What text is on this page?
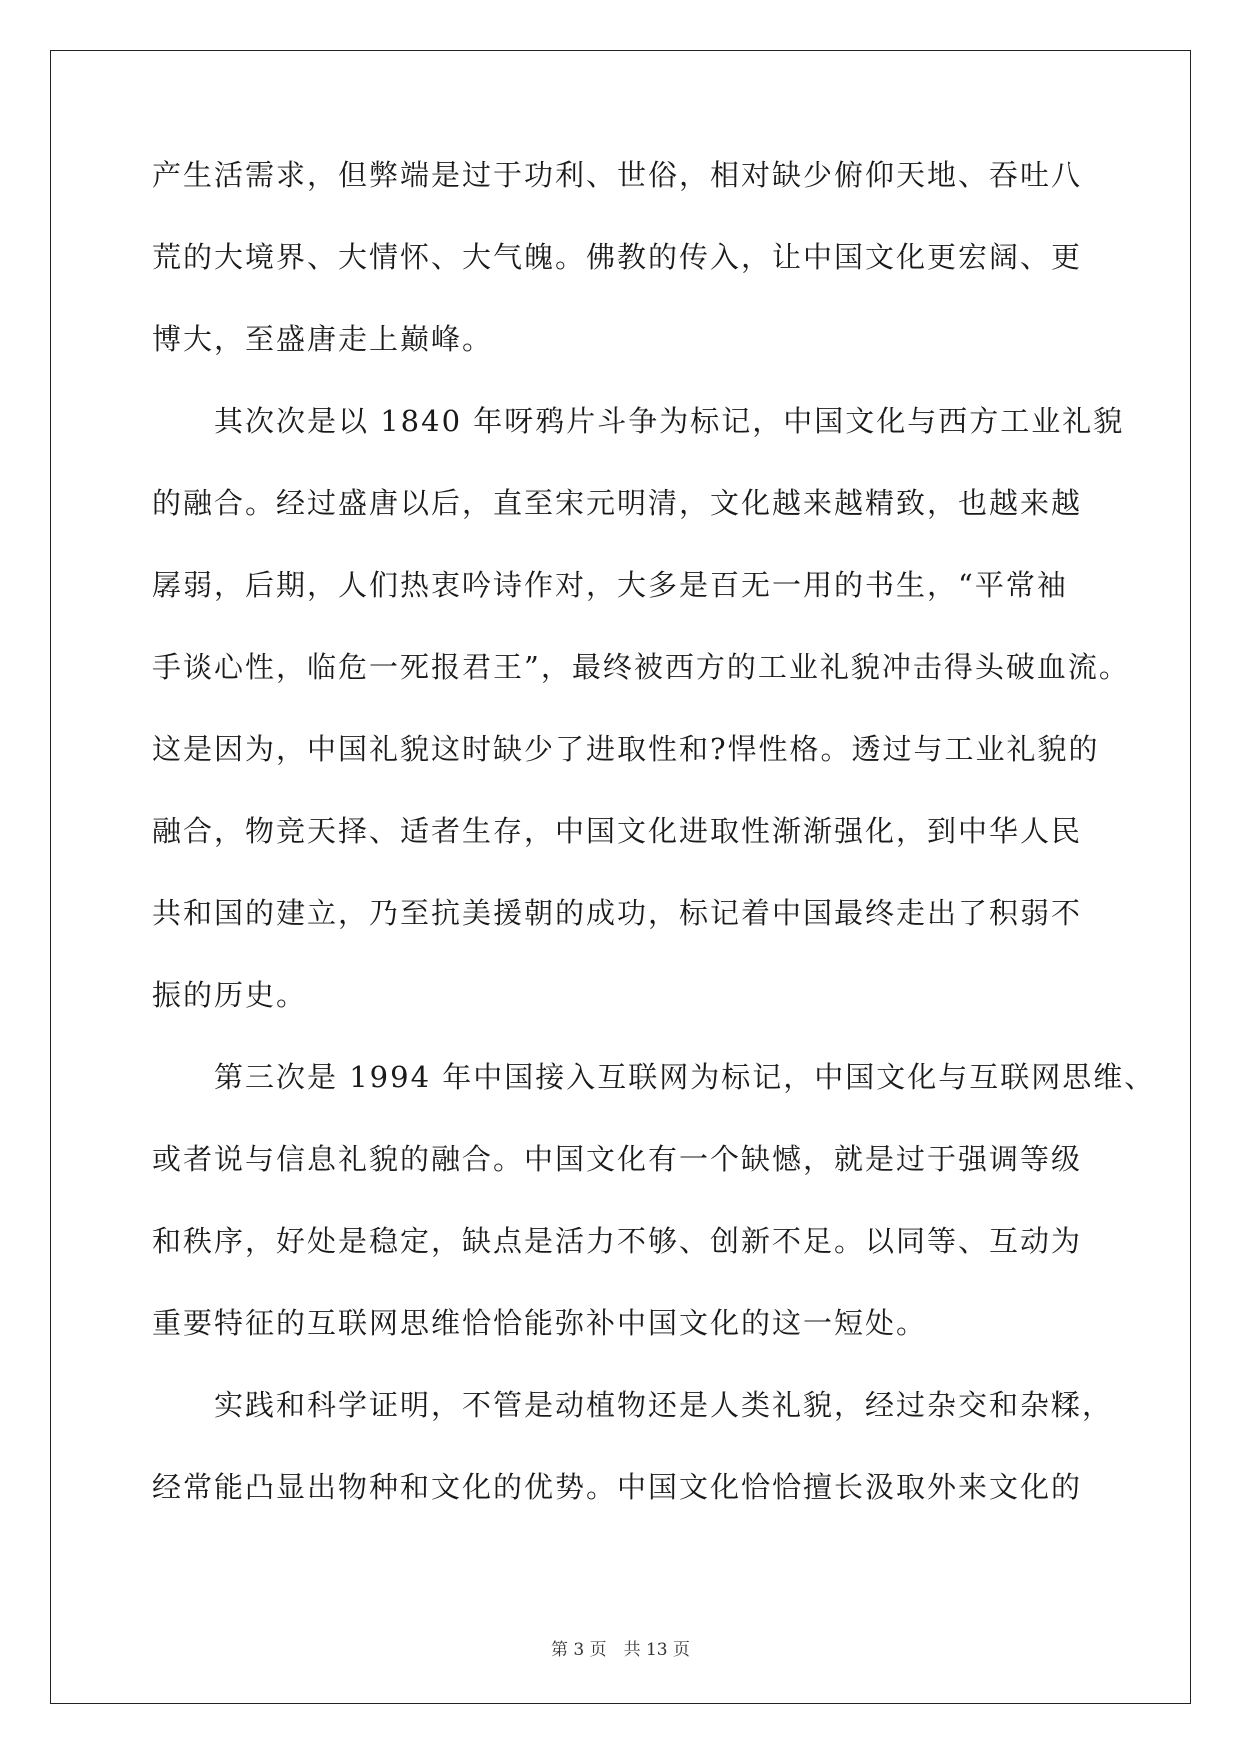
产生活需求，但弊端是过于功利、世俗，相对缺少俯仰天地、吞吐八
荒的大境界、大情怀、大气魄。佛教的传入，让中国文化更宏阔、更
博大，至盛唐走上巅峰。
　　其次次是以 1840 年呀鸦片斗争为标记，中国文化与西方工业礼貌
的融合。经过盛唐以后，直至宋元明清，文化越来越精致，也越来越
孱弱，后期，人们热衷吟诗作对，大多是百无一用的书生，“平常袖
手谈心性，临危一死报君王”，最终被西方的工业礼貌冲击得头破血流。
这是因为，中国礼貌这时缺少了进取性和?悍性格。透过与工业礼貌的
融合，物竞天择、适者生存，中国文化进取性渐渐强化，到中华人民
共和国的建立，乃至抗美援朝的成功，标记着中国最终走出了积弱不
振的历史。
　　第三次是 1994 年中国接入互联网为标记，中国文化与互联网思维、
或者说与信息礼貌的融合。中国文化有一个缺憾，就是过于强调等级
和秩序，好处是稳定，缺点是活力不够、创新不足。以同等、互动为
重要特征的互联网思维恰恰能弥补中国文化的这一短处。
　　实践和科学证明，不管是动植物还是人类礼貌，经过杂交和杂糅，
经常能凸显出物种和文化的优势。中国文化恰恰擅长汲取外来文化的
第 3 页　共 13 页
